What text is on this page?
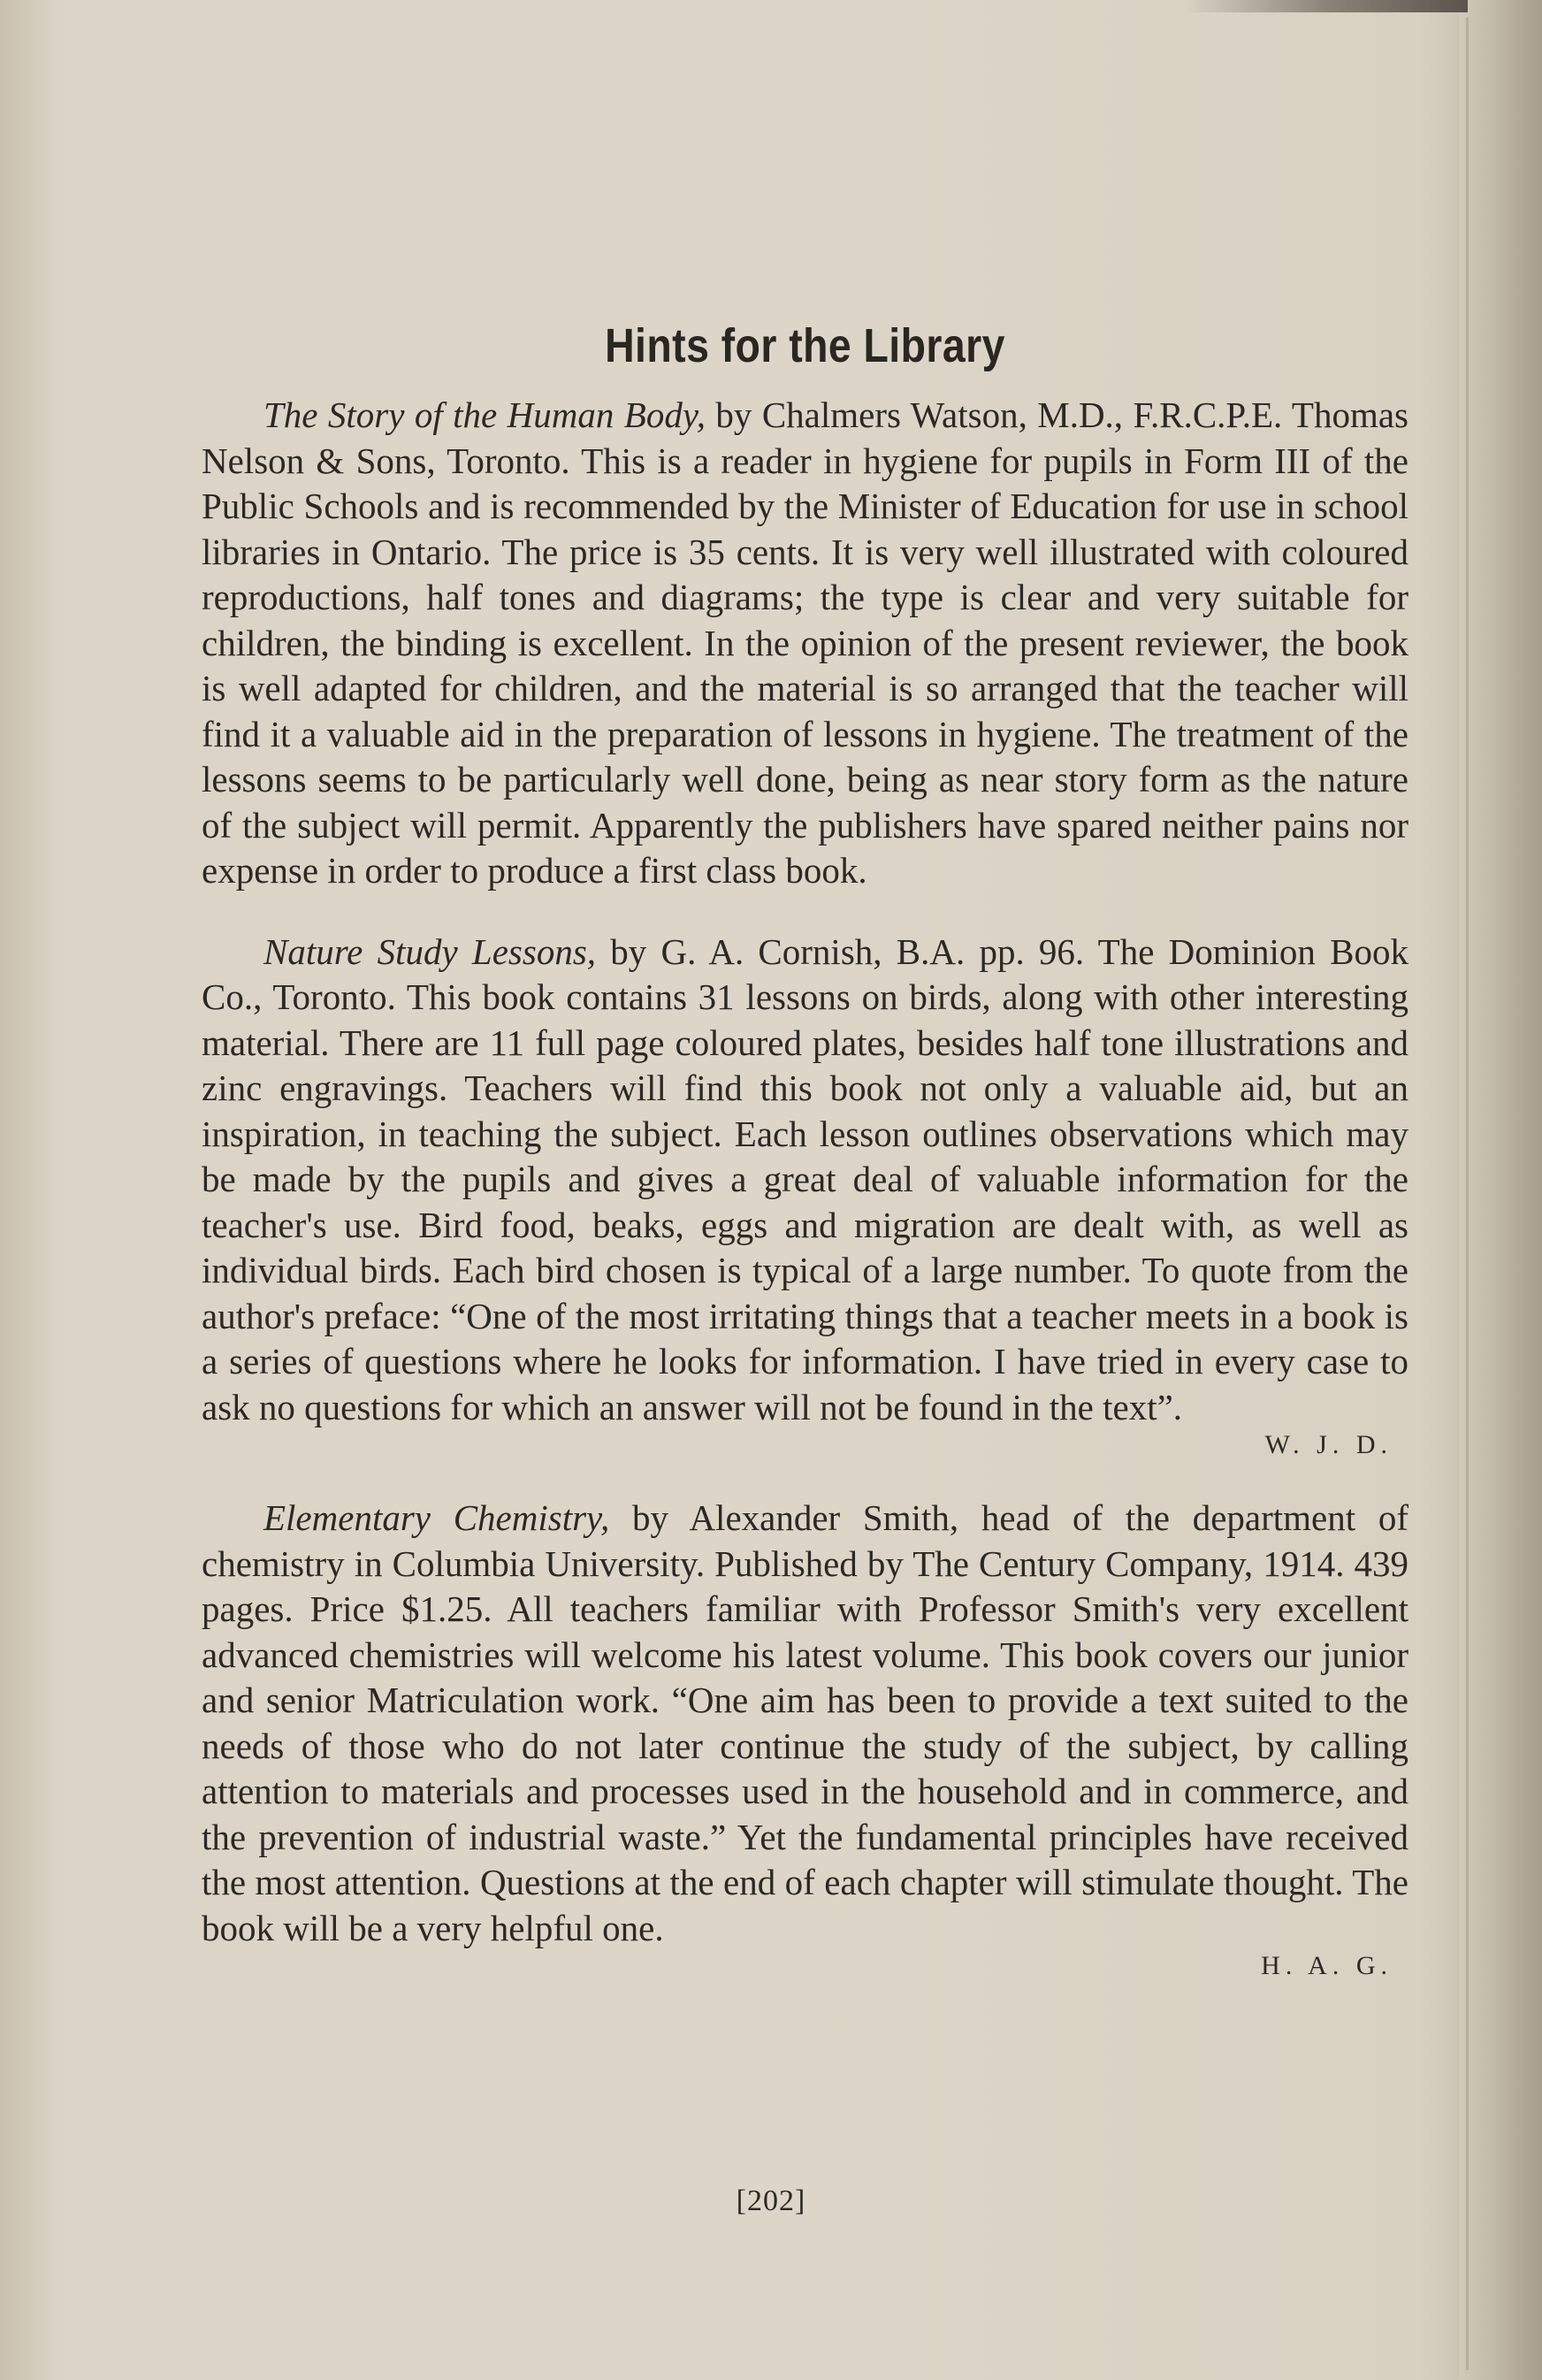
Hints for the Library

The Story of the Human Body, by Chalmers Watson, M.D., F.R.C.P.E. Thomas Nelson & Sons, Toronto. This is a reader in hygiene for pupils in Form III of the Public Schools and is recommended by the Minister of Education for use in school libraries in Ontario. The price is 35 cents. It is very well illustrated with coloured reproductions, half tones and diagrams; the type is clear and very suitable for children, the binding is excellent. In the opinion of the present reviewer, the book is well adapted for children, and the material is so arranged that the teacher will find it a valuable aid in the preparation of lessons in hygiene. The treatment of the lessons seems to be particularly well done, being as near story form as the nature of the subject will permit. Apparently the publishers have spared neither pains nor expense in order to produce a first class book.

Nature Study Lessons, by G. A. Cornish, B.A. pp. 96. The Dominion Book Co., Toronto. This book contains 31 lessons on birds, along with other interesting material. There are 11 full page coloured plates, besides half tone illustrations and zinc engravings. Teachers will find this book not only a valuable aid, but an inspiration, in teaching the subject. Each lesson outlines observations which may be made by the pupils and gives a great deal of valuable information for the teacher's use. Bird food, beaks, eggs and migration are dealt with, as well as individual birds. Each bird chosen is typical of a large number. To quote from the author's preface: “One of the most irritating things that a teacher meets in a book is a series of questions where he looks for information. I have tried in every case to ask no questions for which an answer will not be found in the text”.

W. J. D.

Elementary Chemistry, by Alexander Smith, head of the department of chemistry in Columbia University. Published by The Century Company, 1914. 439 pages. Price $1.25. All teachers familiar with Professor Smith's very excellent advanced chemistries will welcome his latest volume. This book covers our junior and senior Matriculation work. “One aim has been to provide a text suited to the needs of those who do not later continue the study of the subject, by calling attention to materials and processes used in the household and in commerce, and the prevention of industrial waste.” Yet the fundamental principles have received the most attention. Questions at the end of each chapter will stimulate thought. The book will be a very helpful one.

H. A. G.

[202]
